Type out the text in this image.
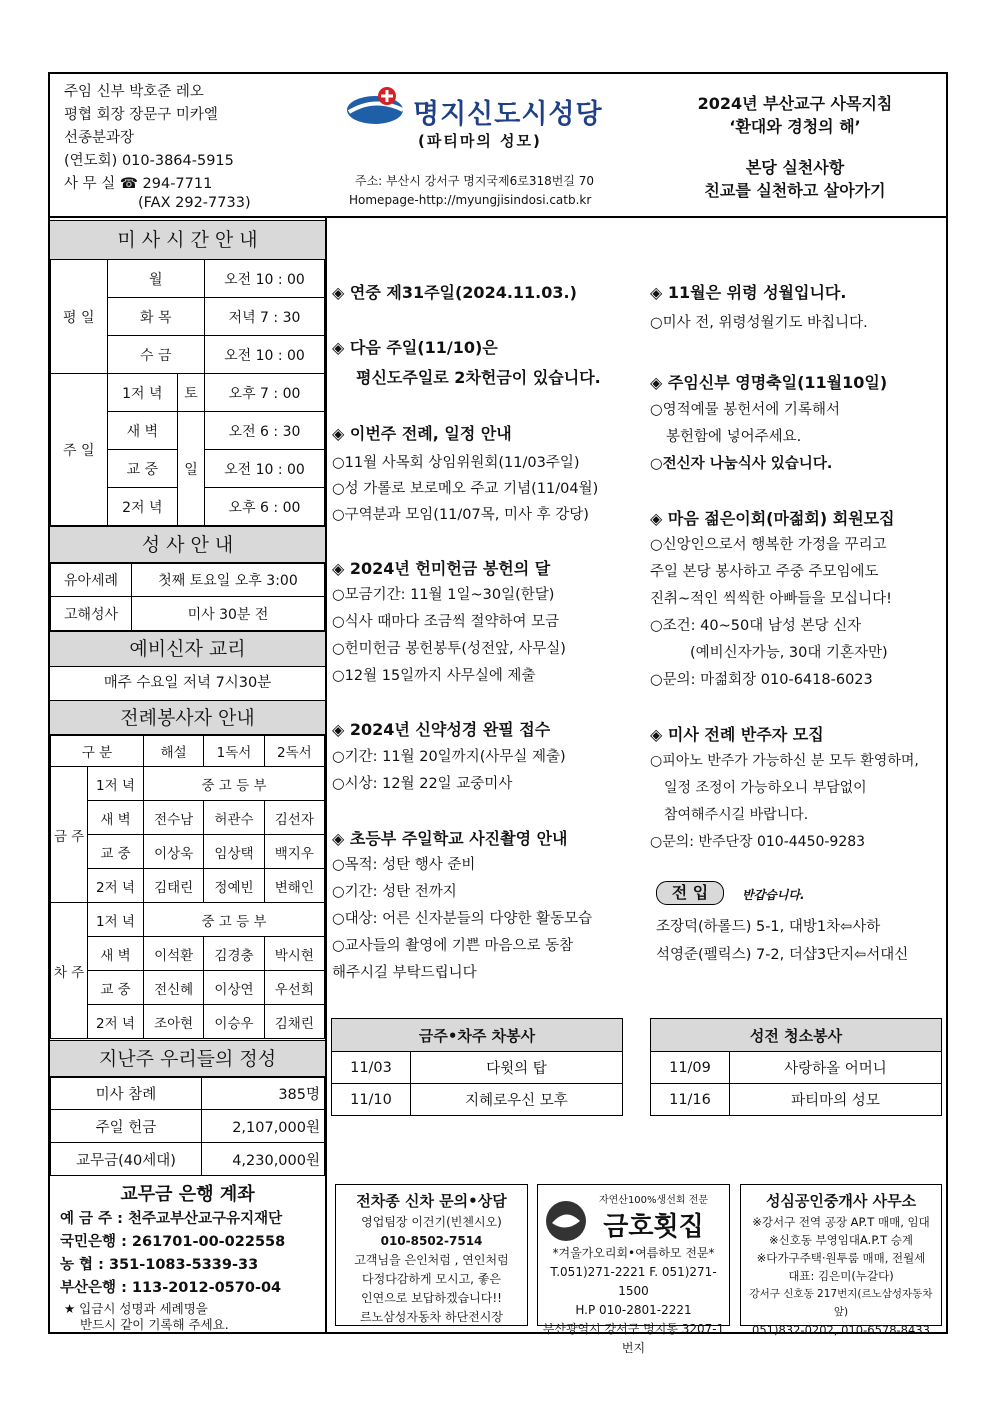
주임 신부 박호준 레오
평협 회장 장문구 미카엘
선종분과장
(연도회) 010-3864-5915
사 무 실 ☎ 294-7711
(FAX 292-7733)
명지신도시성당
(파티마의 성모)
주소: 부산시 강서구 명지국제6로318번길 70
Homepage-http://myungjisindosi.catb.kr
2024년 부산교구 사목지침
‘환대와 경청의 해’
본당 실천사항
친교를 실천하고 살아가기
미 사 시 간 안 내
평 일	월		오전 10 : 00
	화 목		저녁 7 : 30
	수 금		오전 10 : 00
주 일	1저 녁	토	오후 7 : 00
	새 벽	일	오전 6 : 30
	교 중		오전 10 : 00
	2저 녁		오후 6 : 00
성 사 안 내
유아세례	첫째 토요일 오후 3:00
고해성사	미사 30분 전
예비신자 교리
매주 수요일 저녁 7시30분
전례봉사자 안내
구 분		해설	1독서	2독서
금 주	1저 녁	중 고 등 부		
	새 벽	전수남	허관수	김선자
	교 중	이상욱	임상택	백지우
	2저 녁	김태린	정예빈	변해인
차 주	1저 녁	중 고 등 부		
	새 벽	이석환	김경충	박시현
	교 중	전신혜	이상연	우선희
	2저 녁	조아현	이승우	김채린
지난주 우리들의 정성
미사 참례	385명
주일 헌금	2,107,000원
교무금(40세대)	4,230,000원
교무금 은행 계좌
예 금 주 : 천주교부산교구유지재단
국민은행 : 261701-00-022558
농 협 : 351-1083-5339-33
부산은행 : 113-2012-0570-04
★ 입금시 성명과 세례명을
반드시 같이 기록해 주세요.
◈ 연중 제31주일(2024.11.03.)
◈ 다음 주일(11/10)은
평신도주일로 2차헌금이 있습니다.
◈ 이번주 전례, 일정 안내
○11월 사목회 상임위원회(11/03주일)
○성 가롤로 보로메오 주교 기념(11/04월)
○구역분과 모임(11/07목, 미사 후 강당)
◈ 2024년 헌미헌금 봉헌의 달
○모금기간: 11월 1일~30일(한달)
○식사 때마다 조금씩 절약하여 모금
○헌미헌금 봉헌봉투(성전앞, 사무실)
○12월 15일까지 사무실에 제출
◈ 2024년 신약성경 완필 접수
○기간: 11월 20일까지(사무실 제출)
○시상: 12월 22일 교중미사
◈ 초등부 주일학교 사진촬영 안내
○목적: 성탄 행사 준비
○기간: 성탄 전까지
○대상: 어른 신자분들의 다양한 활동모습
○교사들의 촬영에 기쁜 마음으로 동참
해주시길 부탁드립니다
◈ 11월은 위령 성월입니다.
○미사 전, 위령성월기도 바칩니다.
◈ 주임신부 영명축일(11월10일)
○영적예물 봉헌서에 기록해서
봉헌함에 넣어주세요.
○전신자 나눔식사 있습니다.
◈ 마음 젊은이회(마젊회) 회원모집
○신앙인으로서 행복한 가정을 꾸리고
주일 본당 봉사하고 주중 주모임에도
진취~적인 씩씩한 아빠들을 모십니다!
○조건: 40~50대 남성 본당 신자
(예비신자가능, 30대 기혼자만)
○문의: 마젊회장 010-6418-6023
◈ 미사 전례 반주자 모집
○피아노 반주가 가능하신 분 모두 환영하며,
일정 조정이 가능하오니 부담없이
참여해주시길 바랍니다.
○문의: 반주단장 010-4450-9283
전 입	반갑습니다.
조장덕(하롤드) 5-1, 대방1차⇦사하
석영준(펠릭스) 7-2, 더샵3단지⇦서대신
금주•차주 차봉사	
11/03	다윗의 탑
11/10	지혜로우신 모후
성전 청소봉사	
11/09	사랑하올 어머니
11/16	파티마의 성모
전차종 신차 문의•상담
영업팀장 이건기(빈첸시오)
010-8502-7514
고객님을 은인처럼 , 연인처럼
다정다감하게 모시고, 좋은
인연으로 보답하겠습니다!!
르노삼성자동차 하단전시장
자연산100%생선회 전문
금호횟집
*겨울가오리회•여름하모 전문*
T.051)271-2221 F. 051)271-1500
H.P 010-2801-2221
부산광역시 강서구 명지동 3207-1번지
성심공인중개사 사무소
※강서구 전역 공장 AP.T 매매, 임대
※신호동 부영임대A.P.T 승계
※다가구주택·원투룸 매매, 전월세
대표: 김은미(누갈다)
강서구 신호동 217번지(르노삼성자동차 앞)
051)832-0202, 010-6578-8433
